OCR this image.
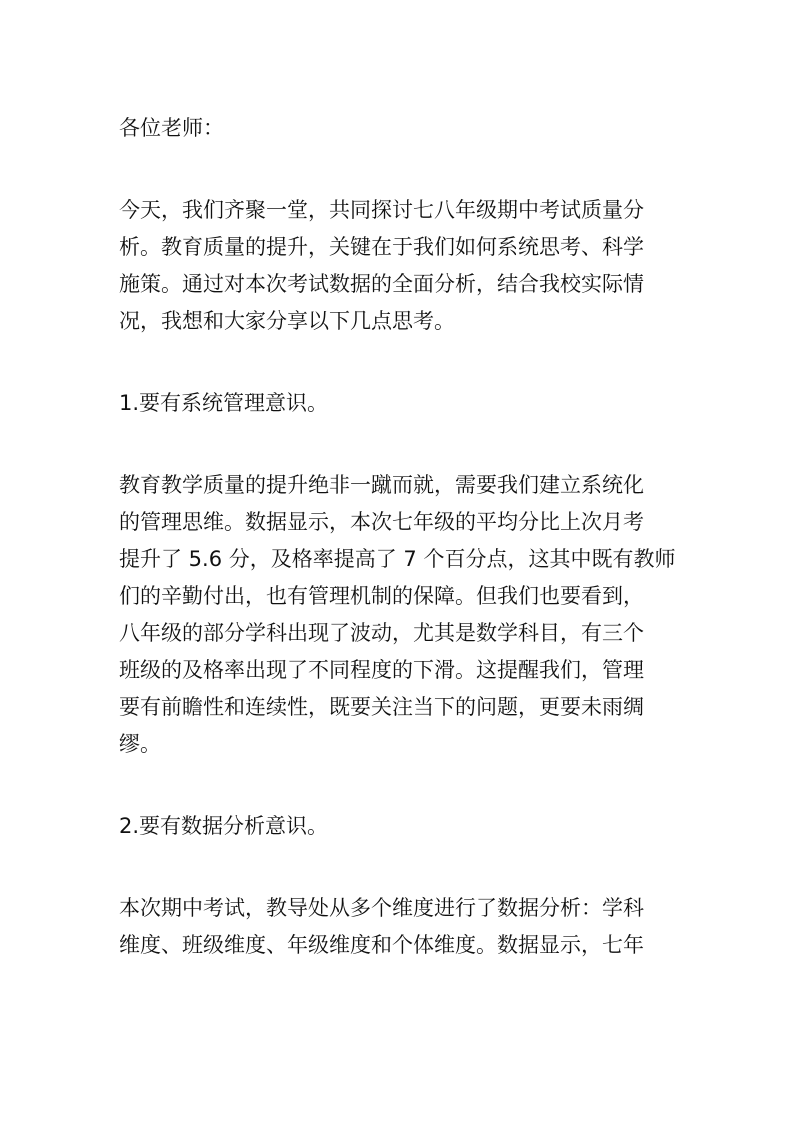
各位老师：
今天，我们齐聚一堂，共同探讨七八年级期中考试质量分
析。教育质量的提升，关键在于我们如何系统思考、科学
施策。通过对本次考试数据的全面分析，结合我校实际情
况，我想和大家分享以下几点思考。
1.要有系统管理意识。
教育教学质量的提升绝非一蹴而就，需要我们建立系统化
的管理思维。数据显示，本次七年级的平均分比上次月考
提升了 5.6 分，及格率提高了 7 个百分点，这其中既有教师
们的辛勤付出，也有管理机制的保障。但我们也要看到，
八年级的部分学科出现了波动，尤其是数学科目，有三个
班级的及格率出现了不同程度的下滑。这提醒我们，管理
要有前瞻性和连续性，既要关注当下的问题，更要未雨绸
缪。
2.要有数据分析意识。
本次期中考试，教导处从多个维度进行了数据分析：学科
维度、班级维度、年级维度和个体维度。数据显示，七年
